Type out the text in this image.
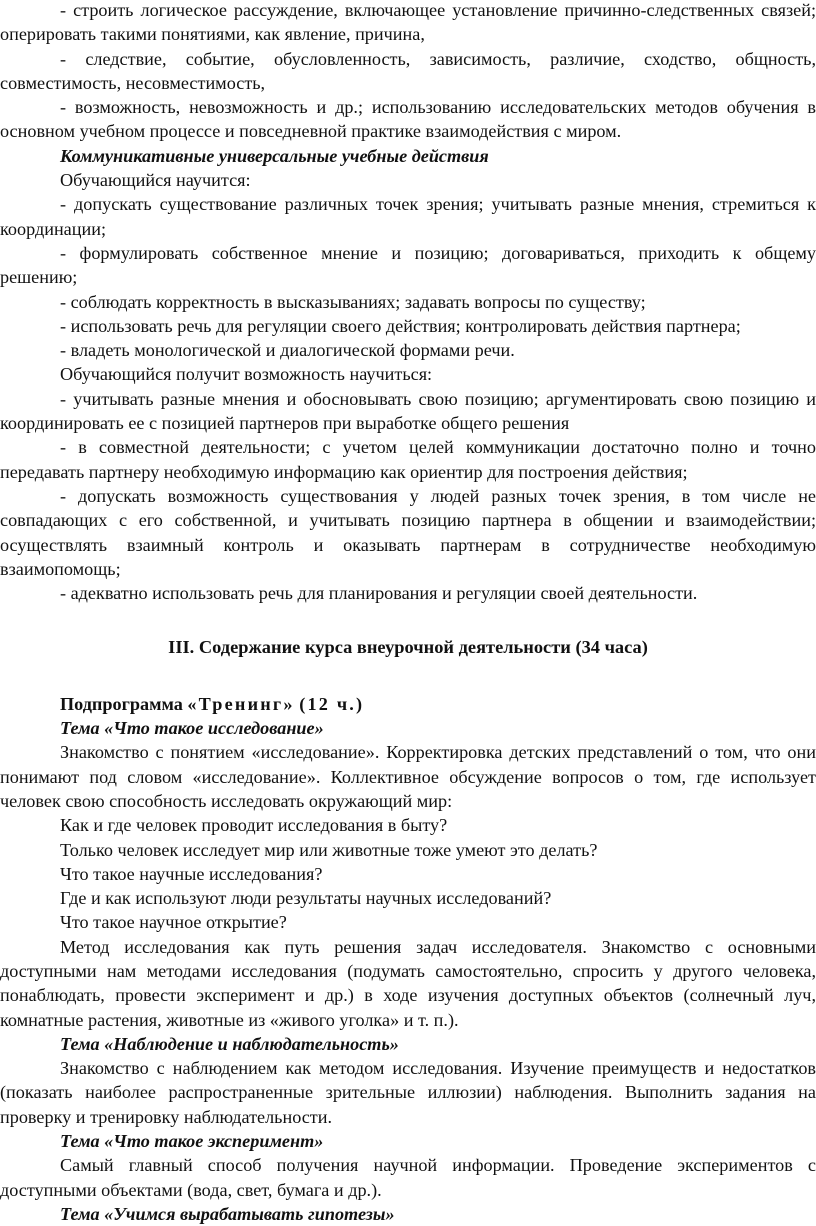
- строить логическое рассуждение, включающее установление причинно-следственных связей; оперировать такими понятиями, как явление, причина,

- следствие, событие, обусловленность, зависимость, различие, сходство, общность, совместимость, несовместимость,

- возможность, невозможность и др.; использованию исследовательских методов обучения в основном учебном процессе и повседневной практике взаимодействия с миром.

Коммуникативные универсальные учебные действия

Обучающийся научится:

- допускать существование различных точек зрения; учитывать разные мнения, стремиться к координации;

- формулировать собственное мнение и позицию; договариваться, приходить к общему решению;

- соблюдать корректность в высказываниях; задавать вопросы по существу;

- использовать речь для регуляции своего действия; контролировать действия партнера;

- владеть монологической и диалогической формами речи.

Обучающийся получит возможность научиться:

- учитывать разные мнения и обосновывать свою позицию; аргументировать свою позицию и координировать ее с позицией партнеров при выработке общего решения

- в совместной деятельности; с учетом целей коммуникации достаточно полно и точно передавать партнеру необходимую информацию как ориентир для построения действия;

- допускать возможность существования у людей разных точек зрения, в том числе не совпадающих с его собственной, и учитывать позицию партнера в общении и взаимодействии; осуществлять взаимный контроль и оказывать партнерам в сотрудничестве необходимую взаимопомощь;

- адекватно использовать речь для планирования и регуляции своей деятельности.

III. Содержание курса внеурочной деятельности (34 часа)

Подпрограмма «Тренинг» (12 ч.)

Тема «Что такое исследование»

Знакомство с понятием «исследование». Корректировка детских представлений о том, что они понимают под словом «исследование». Коллективное обсуждение вопросов о том, где использует человек свою способность исследовать окружающий мир:

Как и где человек проводит исследования в быту?

Только человек исследует мир или животные тоже умеют это делать?

Что такое научные исследования?

Где и как используют люди результаты научных исследований?

Что такое научное открытие?

Метод исследования как путь решения задач исследователя. Знакомство с основными доступными нам методами исследования (подумать самостоятельно, спросить у другого человека, понаблюдать, провести эксперимент и др.) в ходе изучения доступных объектов (солнечный луч, комнатные растения, животные из «живого уголка» и т. п.).

Тема «Наблюдение и наблюдательность»

Знакомство с наблюдением как методом исследования. Изучение преимуществ и недостатков (показать наиболее распространенные зрительные иллюзии) наблюдения. Выполнить задания на проверку и тренировку наблюдательности.

Тема «Что такое эксперимент»

Самый главный способ получения научной информации. Проведение экспериментов с доступными объектами (вода, свет, бумага и др.).

Тема «Учимся вырабатывать гипотезы»
